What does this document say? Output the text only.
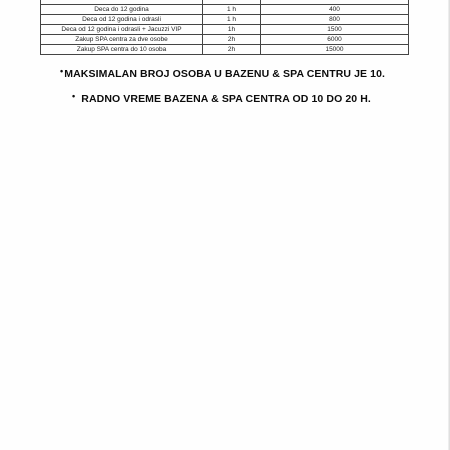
Deca do 12 godina	1 h	400
Deca od 12 godina i odrasli	1 h	800
Deca od 12 godina i odrasli + Jacuzzi VIP	1h	1500
Zakup SPA centra za dve osobe	2h	6000
Zakup SPA centra do 10 osoba	2h	15000
•MAKSIMALAN BROJ OSOBA U BAZENU & SPA CENTRU JE 10.
• RADNO VREME BAZENA & SPA CENTRA OD 10 DO 20 H.
